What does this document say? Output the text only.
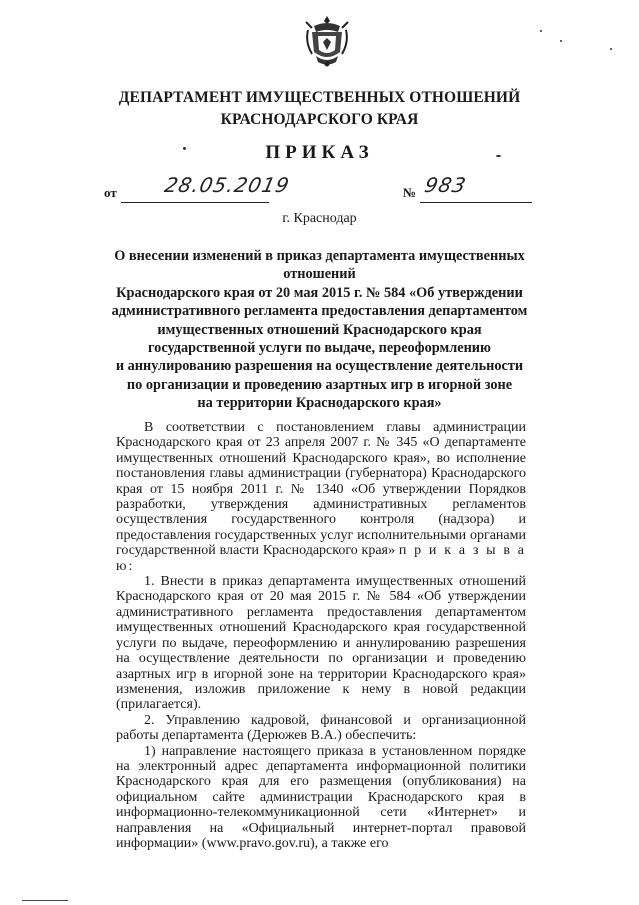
ДЕПАРТАМЕНТ ИМУЩЕСТВЕННЫХ ОТНОШЕНИЙ
КРАСНОДАРСКОГО КРАЯ
ПРИКАЗ
от 28.05.2019	№ 983
г. Краснодар
О внесении изменений в приказ департамента имущественных отношений
Краснодарского края от 20 мая 2015 г. № 584 «Об утверждении
административного регламента предоставления департаментом
имущественных отношений Краснодарского края
государственной услуги по выдаче, переоформлению
и аннулированию разрешения на осуществление деятельности
по организации и проведению азартных игр в игорной зоне
на территории Краснодарского края»

В соответствии с постановлением главы администрации Краснодарского края от 23 апреля 2007 г. № 345 «О департаменте имущественных отношений Краснодарского края», во исполнение постановления главы администрации (губернатора) Краснодарского края от 15 ноября 2011 г. № 1340 «Об утверждении Порядков разработки, утверждения административных регламентов осуществления государственного контроля (надзора) и предоставления государственных услуг исполнительными органами государственной власти Краснодарского края» п р и к а з ы в а ю:

1. Внести в приказ департамента имущественных отношений Краснодарского края от 20 мая 2015 г. № 584 «Об утверждении административного регламента предоставления департаментом имущественных отношений Краснодарского края государственной услуги по выдаче, переоформлению и аннулированию разрешения на осуществление деятельности по организации и проведению азартных игр в игорной зоне на территории Краснодарского края» изменения, изложив приложение к нему в новой редакции (прилагается).

2. Управлению кадровой, финансовой и организационной работы департамента (Дерюжев В.А.) обеспечить:

1) направление настоящего приказа в установленном порядке на электронный адрес департамента информационной политики Краснодарского края для его размещения (опубликования) на официальном сайте администрации Краснодарского края в информационно-телекоммуникационной сети «Интернет» и направления на «Официальный интернет-портал правовой информации» (www.pravo.gov.ru), а также его
